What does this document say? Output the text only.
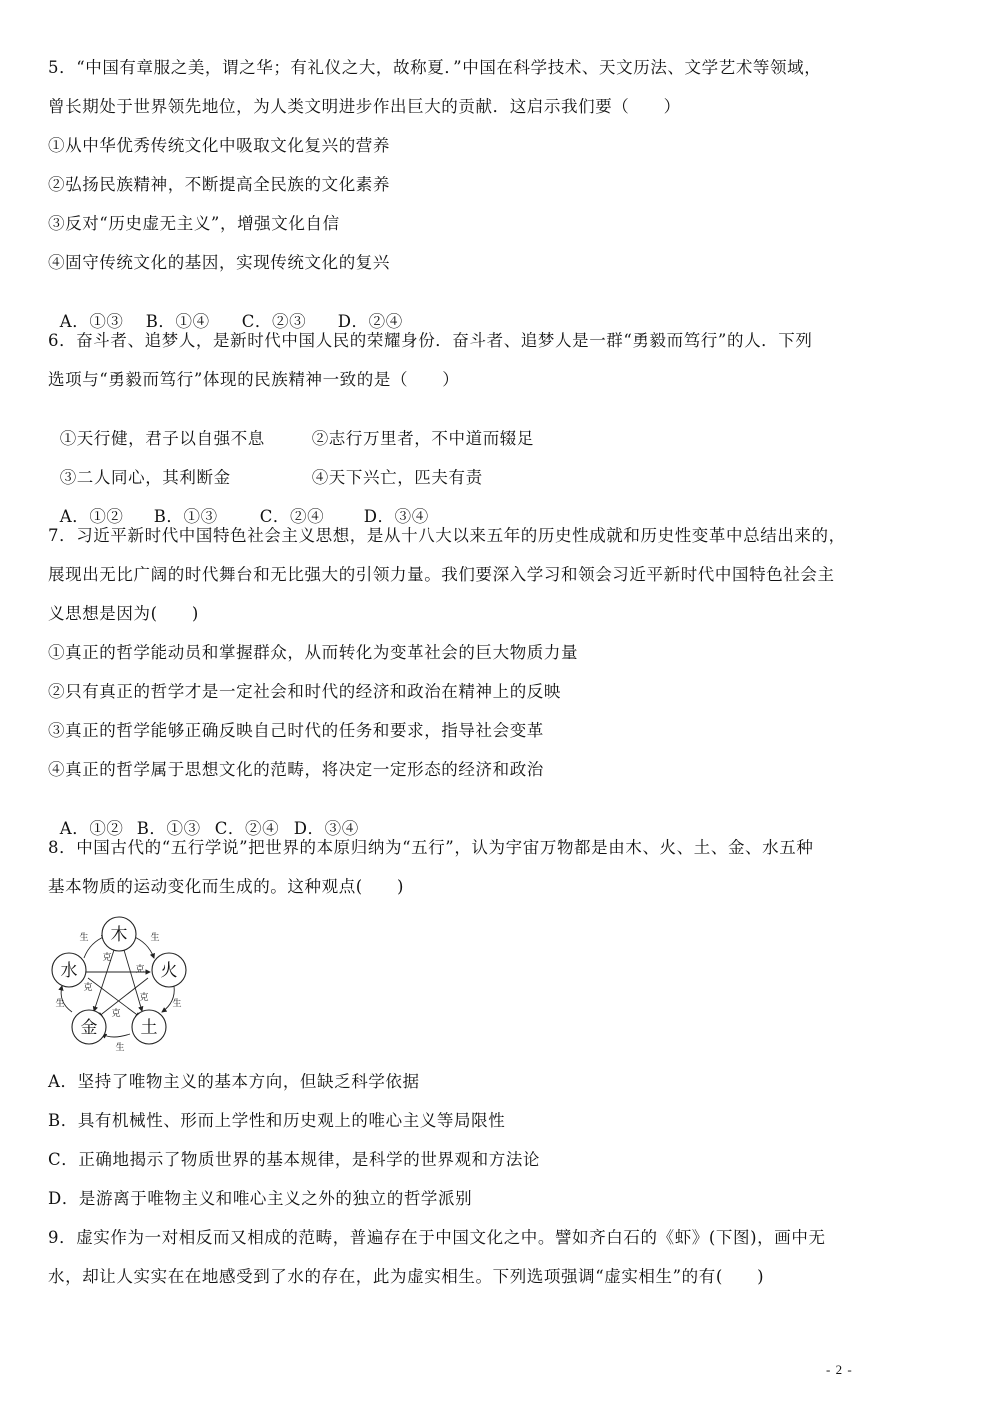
5．“中国有章服之美，谓之华；有礼仪之大，故称夏．”中国在科学技术、天文历法、文学艺术等领域，
曾长期处于世界领先地位，为人类文明进步作出巨大的贡献．这启示我们要（　　）
①从中华优秀传统文化中吸取文化复兴的营养
②弘扬民族精神，不断提高全民族的文化素养
③反对“历史虚无主义”，增强文化自信
④固守传统文化的基因，实现传统文化的复兴

A．①③ B．①④ C．②③ D．②④

6．奋斗者、追梦人，是新时代中国人民的荣耀身份．奋斗者、追梦人是一群“勇毅而笃行”的人．下列
选项与“勇毅而笃行”体现的民族精神一致的是（　　）

①天行健，君子以自强不息	②志行万里者，不中道而辍足

③二人同心，其利断金	④天下兴亡，匹夫有责

A．①② B．①③	C．②④ D．③④

7．习近平新时代中国特色社会主义思想，是从十八大以来五年的历史性成就和历史性变革中总结出来的，
展现出无比广阔的时代舞台和无比强大的引领力量。我们要深入学习和领会习近平新时代中国特色社会主
义思想是因为(　　)
①真正的哲学能动员和掌握群众，从而转化为变革社会的巨大物质力量
②只有真正的哲学才是一定社会和时代的经济和政治在精神上的反映
③真正的哲学能够正确反映自己时代的任务和要求，指导社会变革
④真正的哲学属于思想文化的范畴，将决定一定形态的经济和政治

A．①② B．①③ C．②④ D．③④

8．中国古代的“五行学说”把世界的本原归纳为“五行”，认为宇宙万物都是由木、火、土、金、水五种
基本物质的运动变化而生成的。这种观点(　　)
木
火
土
金
水
生	生
生
生
生
克
克
克
克
克
A．坚持了唯物主义的基本方向，但缺乏科学依据
B．具有机械性、形而上学性和历史观上的唯心主义等局限性
C．正确地揭示了物质世界的基本规律，是科学的世界观和方法论
D．是游离于唯物主义和唯心主义之外的独立的哲学派别
9．虚实作为一对相反而又相成的范畴，普遍存在于中国文化之中。譬如齐白石的《虾》(下图)，画中无
水，却让人实实在在地感受到了水的存在，此为虚实相生。下列选项强调“虚实相生”的有(　　)
- 2 -
